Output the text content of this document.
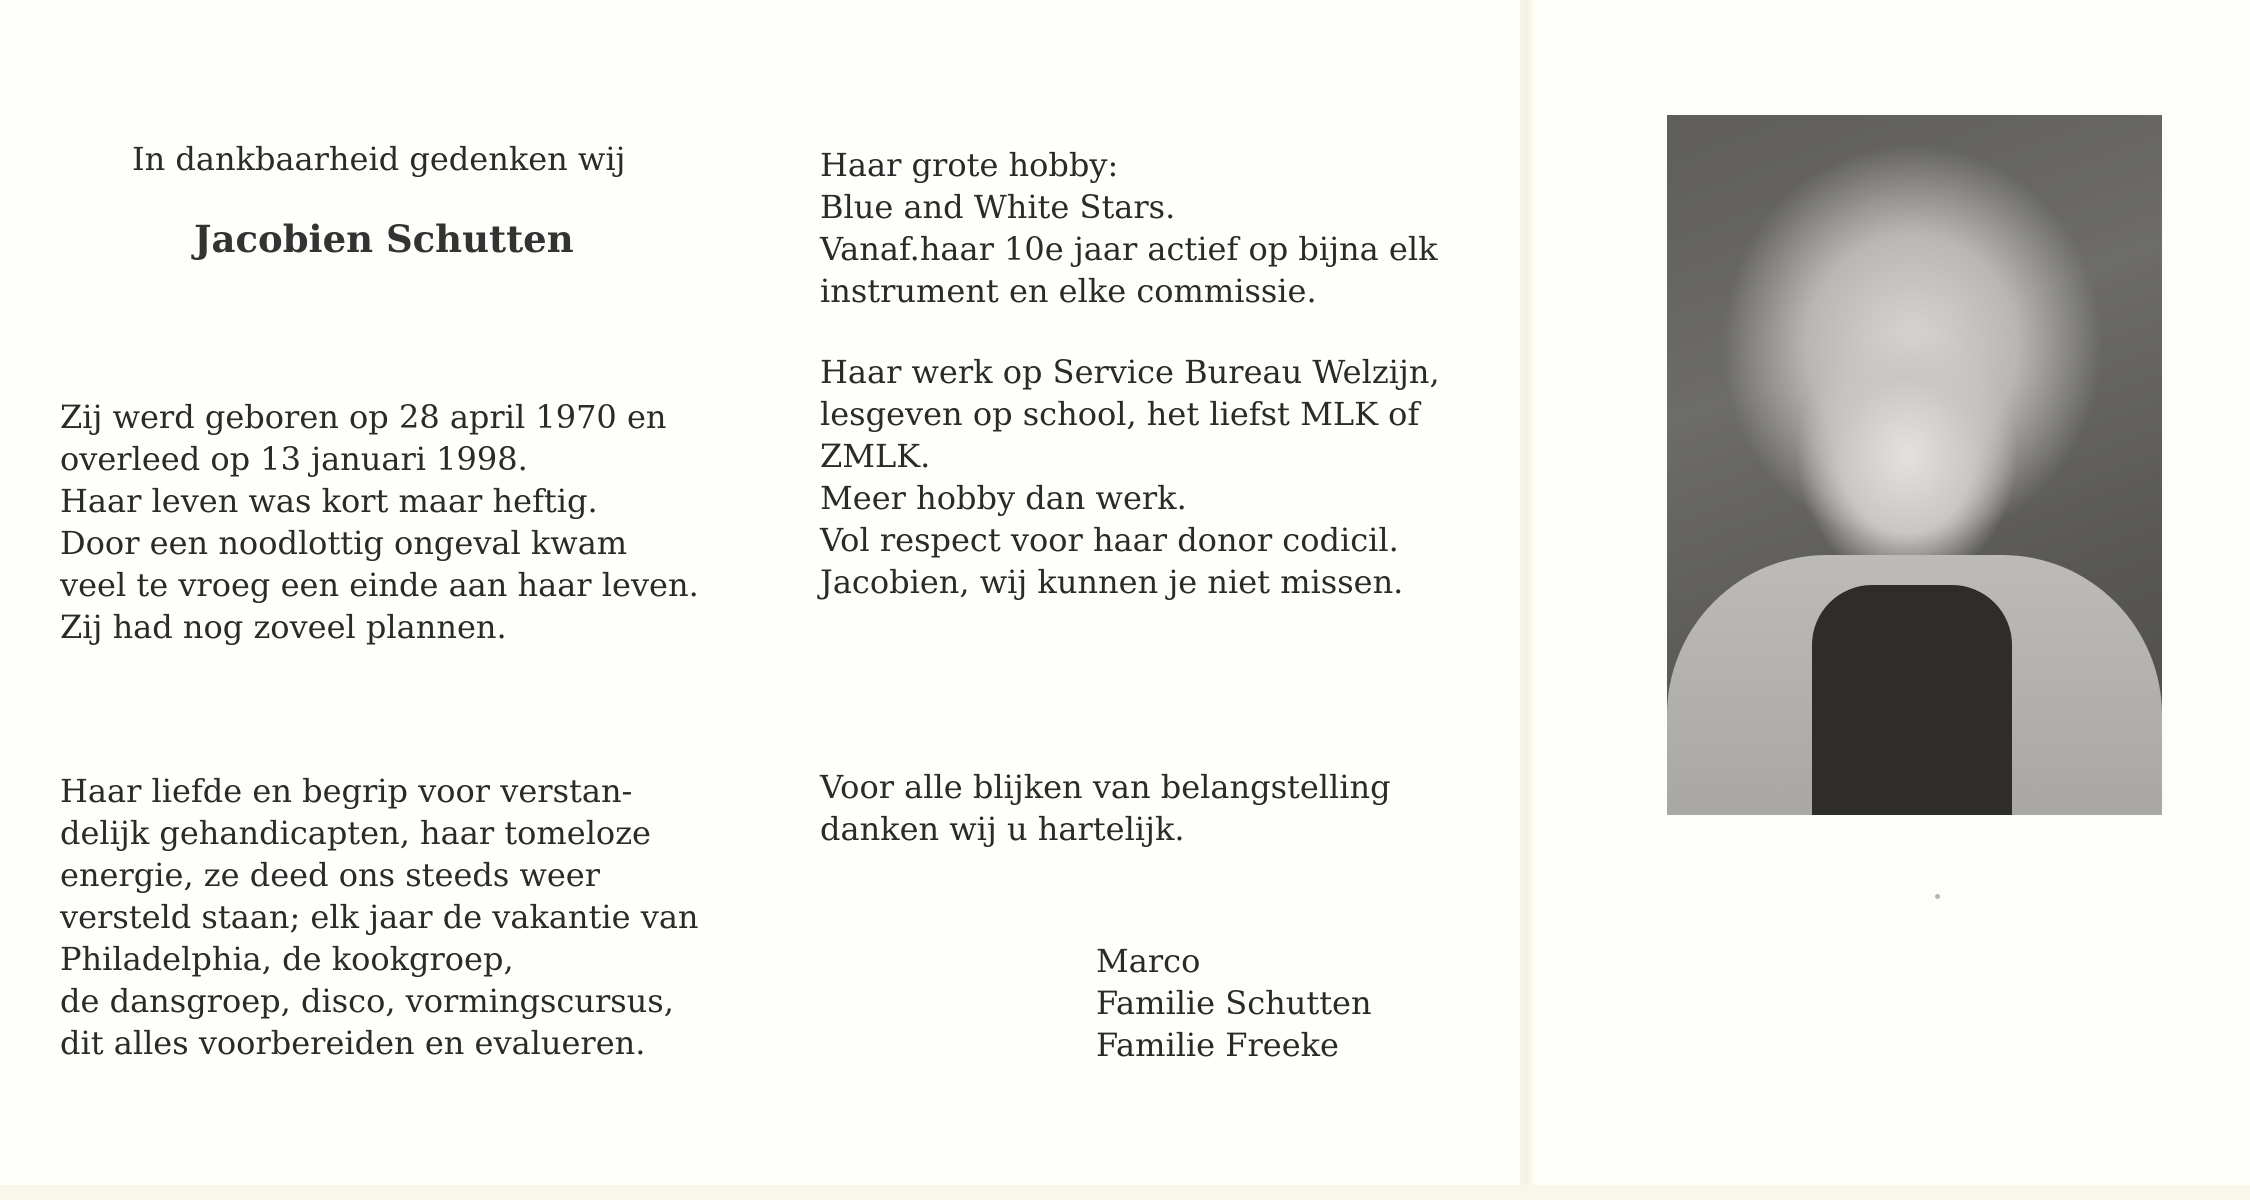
In dankbaarheid gedenken wij
Jacobien Schutten
Zij werd geboren op 28 april 1970 en
overleed op 13 januari 1998.
Haar leven was kort maar heftig.
Door een noodlottig ongeval kwam
veel te vroeg een einde aan haar leven.
Zij had nog zoveel plannen.
Haar liefde en begrip voor verstan-
delijk gehandicapten, haar tomeloze
energie, ze deed ons steeds weer
versteld staan; elk jaar de vakantie van
Philadelphia, de kookgroep,
de dansgroep, disco, vormingscursus,
dit alles voorbereiden en evalueren.
Haar grote hobby:
Blue and White Stars.
Vanaf.haar 10e jaar actief op bijna elk
instrument en elke commissie.
Haar werk op Service Bureau Welzijn,
lesgeven op school, het liefst MLK of
ZMLK.
Meer hobby dan werk.
Vol respect voor haar donor codicil.
Jacobien, wij kunnen je niet missen.
Voor alle blijken van belangstelling
danken wij u hartelijk.
Marco
Familie Schutten
Familie Freeke
